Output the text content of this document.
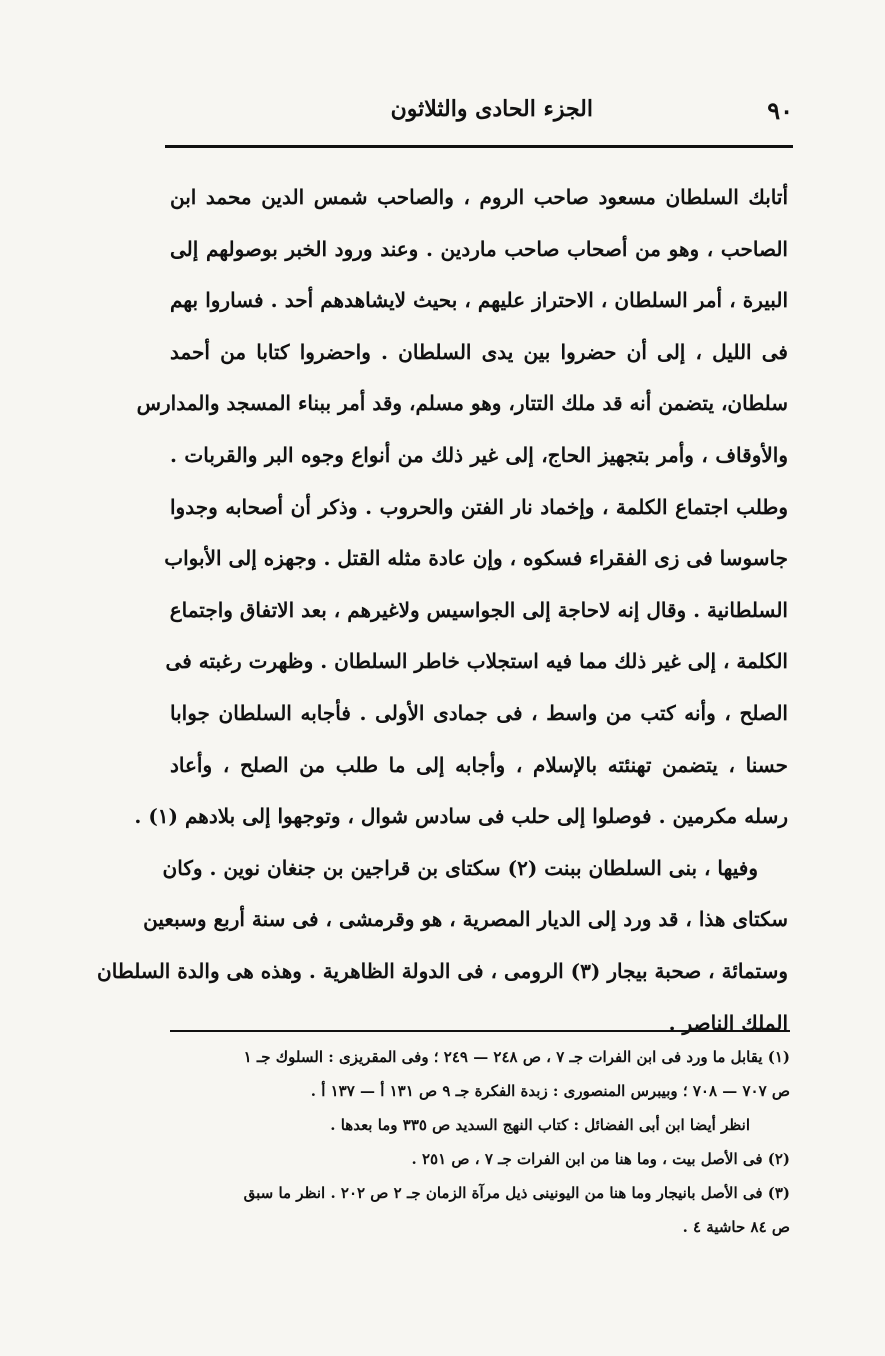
٩٠
الجزء الحادى والثلاثون
أتابك السلطان مسعود صاحب الروم ، والصاحب شمس الدين محمد ابن
الصاحب ، وهو من أصحاب صاحب ماردين . وعند ورود الخبر بوصولهم إلى
البيرة ، أمر السلطان ، الاحتراز عليهم ، بحيث لايشاهدهم أحد . فساروا بهم
فى الليل ، إلى أن حضروا بين يدى السلطان . واحضروا كتابا من أحمد
سلطان، يتضمن أنه قد ملك التتار، وهو مسلم، وقد أمر ببناء المسجد والمدارس
والأوقاف ، وأمر بتجهيز الحاج، إلى غير ذلك من أنواع وجوه البر والقربات .
وطلب اجتماع الكلمة ، وإخماد نار الفتن والحروب . وذكر أن أصحابه وجدوا
جاسوسا فى زى الفقراء فسكوه ، وإن عادة مثله القتل . وجهزه إلى الأبواب
السلطانية . وقال إنه لاحاجة إلى الجواسيس ولاغيرهم ، بعد الاتفاق واجتماع
الكلمة ، إلى غير ذلك مما فيه استجلاب خاطر السلطان . وظهرت رغبته فى
الصلح ، وأنه كتب من واسط ، فى جمادى الأولى . فأجابه السلطان جوابا
حسنا ، يتضمن تهنئته بالإسلام ، وأجابه إلى ما طلب من الصلح ، وأعاد
رسله مكرمين . فوصلوا إلى حلب فى سادس شوال ، وتوجهوا إلى بلادهم (١) .
وفيها ، بنى السلطان ببنت (٢) سكتاى بن قراجين بن جنغان نوين . وكان
سكتاى هذا ، قد ورد إلى الديار المصرية ، هو وقرمشى ، فى سنة أربع وسبعين
وستمائة ، صحبة بيجار (٣) الرومى ، فى الدولة الظاهرية . وهذه هى والدة السلطان
الملك الناصر .
(١) يقابل ما ورد فى ابن الفرات جـ ٧ ، ص ٢٤٨ — ٢٤٩ ؛ وفى المقريزى : السلوك جـ ١
ص ٧٠٧ — ٧٠٨ ؛ وبيبرس المنصورى : زبدة الفكرة جـ ٩ ص ١٣١ أ — ١٣٧ أ .
انظر أيضا ابن أبى الفضائل : كتاب النهج السديد ص ٣٣٥ وما بعدها .
(٢) فى الأصل بيت ، وما هنا من ابن الفرات جـ ٧ ، ص ٢٥١ .
(٣) فى الأصل بانيجار وما هنا من اليونينى ذيل مرآة الزمان جـ ٢ ص ٢٠٢ . انظر ما سبق
ص ٨٤ حاشية ٤ .
